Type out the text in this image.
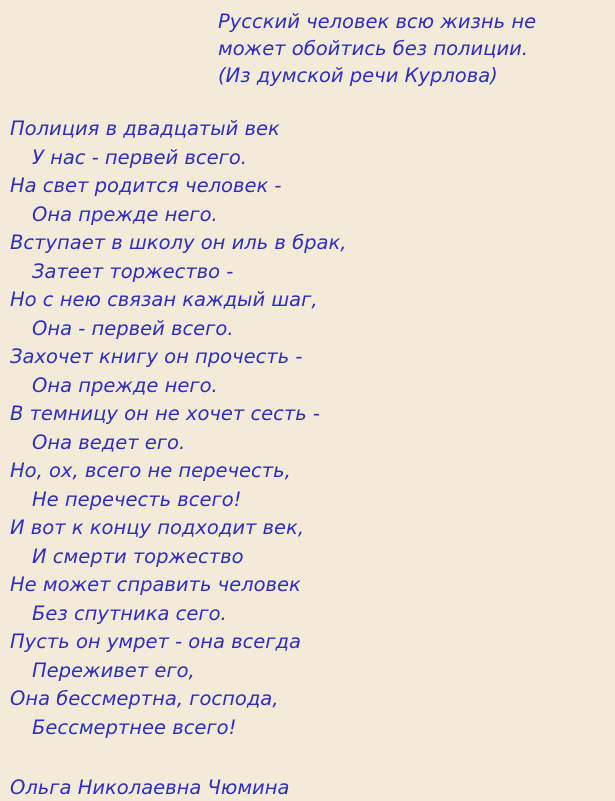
Русский человек всю жизнь не
может обойтись без полиции.
(Из думской речи Курлова)
Полиция в двадцатый век
У нас - первей всего.
На свет родится человек -
Она прежде него.
Вступает в школу он иль в брак,
Затеет торжество -
Но с нею связан каждый шаг,
Она - первей всего.
Захочет книгу он прочесть -
Она прежде него.
В темницу он не хочет сесть -
Она ведет его.
Но, ох, всего не перечесть,
Не перечесть всего!
И вот к концу подходит век,
И смерти торжество
Не может справить человек
Без спутника сего.
Пусть он умрет - она всегда
Переживет его,
Она бессмертна, господа,
Бессмертнее всего!
Ольга Николаевна Чюмина
